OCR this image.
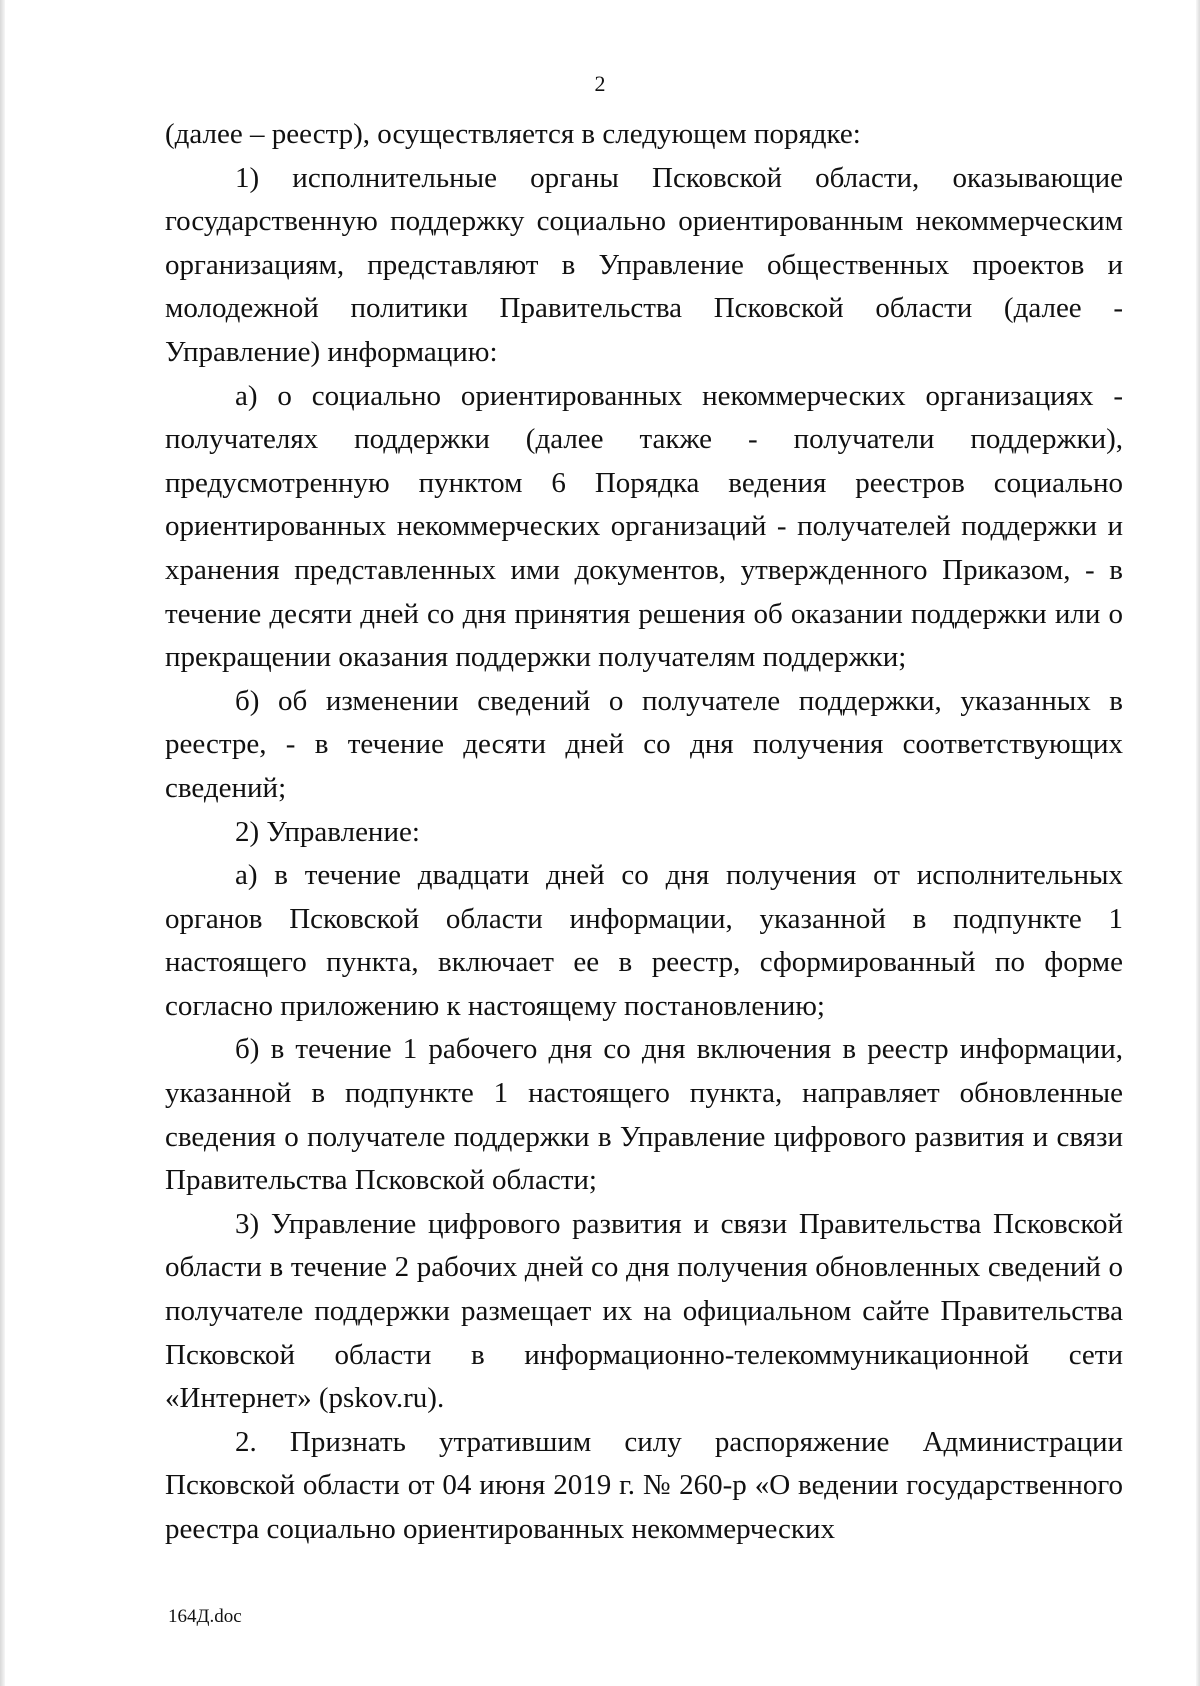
2

(далее – реестр), осуществляется в следующем порядке:

1) исполнительные органы Псковской области, оказывающие государственную поддержку социально ориентированным некоммерческим организациям, представляют в Управление общественных проектов и молодежной политики Правительства Псковской области (далее - Управление) информацию:

а) о социально ориентированных некоммерческих организациях - получателях поддержки (далее также - получатели поддержки), предусмотренную пунктом 6 Порядка ведения реестров социально ориентированных некоммерческих организаций - получателей поддержки и хранения представленных ими документов, утвержденного Приказом, - в течение десяти дней со дня принятия решения об оказании поддержки или о прекращении оказания поддержки получателям поддержки;

б) об изменении сведений о получателе поддержки, указанных в реестре, - в течение десяти дней со дня получения соответствующих сведений;

2) Управление:

а) в течение двадцати дней со дня получения от исполнительных органов Псковской области информации, указанной в подпункте 1 настоящего пункта, включает ее в реестр, сформированный по форме согласно приложению к настоящему постановлению;

б) в течение 1 рабочего дня со дня включения в реестр информации, указанной в подпункте 1 настоящего пункта, направляет обновленные сведения о получателе поддержки в Управление цифрового развития и связи Правительства Псковской области;

3) Управление цифрового развития и связи Правительства Псковской области в течение 2 рабочих дней со дня получения обновленных сведений о получателе поддержки размещает их на официальном сайте Правительства Псковской области в информационно-телекоммуникационной сети «Интернет» (pskov.ru).

2. Признать утратившим силу распоряжение Администрации Псковской области от 04 июня 2019 г. № 260-р «О ведении государственного реестра социально ориентированных некоммерческих

164Д.doc
